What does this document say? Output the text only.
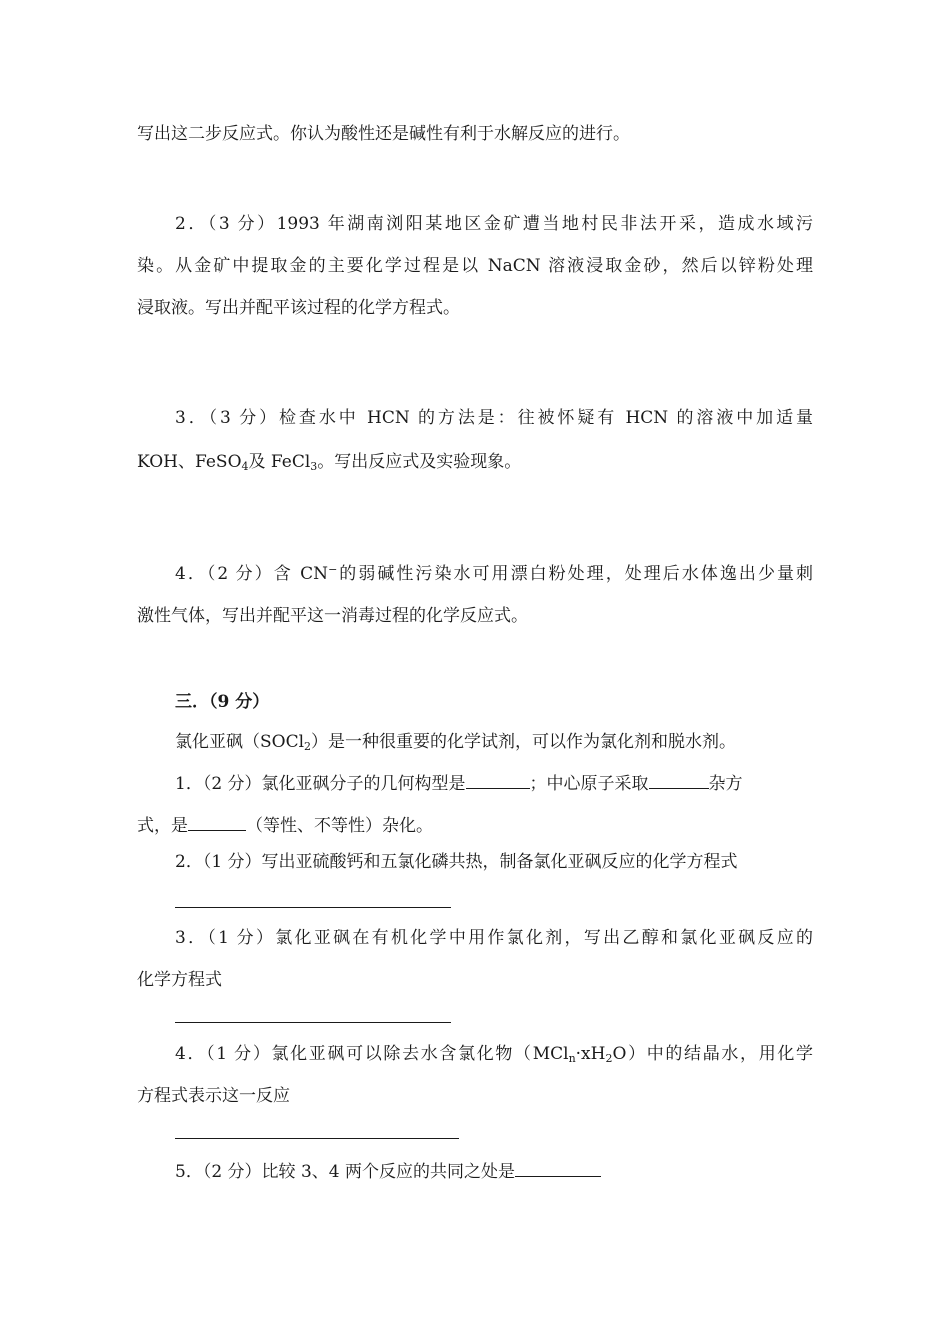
写出这二步反应式。你认为酸性还是碱性有利于水解反应的进行。
2．（3 分）1993 年湖南浏阳某地区金矿遭当地村民非法开采，造成水域污
染。从金矿中提取金的主要化学过程是以 NaCN 溶液浸取金砂，然后以锌粉处理
浸取液。写出并配平该过程的化学方程式。
3．（3 分）检查水中 HCN 的方法是：往被怀疑有 HCN 的溶液中加适量
KOH、FeSO$_4$及 FeCl$_3$。写出反应式及实验现象。
4．（2 分）含 CN−的弱碱性污染水可用漂白粉处理，处理后水体逸出少量刺
激性气体，写出并配平这一消毒过程的化学反应式。
三．（9 分）
氯化亚砜（SOCl$_2$）是一种很重要的化学试剂，可以作为氯化剂和脱水剂。
1．（2 分）氯化亚砜分子的几何构型是	；中心原子采取	杂方
式，是	（等性、不等性）杂化。
2．（1 分）写出亚硫酸钙和五氯化磷共热，制备氯化亚砜反应的化学方程式
3．（1 分）氯化亚砜在有机化学中用作氯化剂，写出乙醇和氯化亚砜反应的
化学方程式
4．（1 分）氯化亚砜可以除去水含氯化物$(MCl_n\cdot xH_2O)$中的结晶水，用化学
方程式表示这一反应
5．（2 分）比较 3、4 两个反应的共同之处是
